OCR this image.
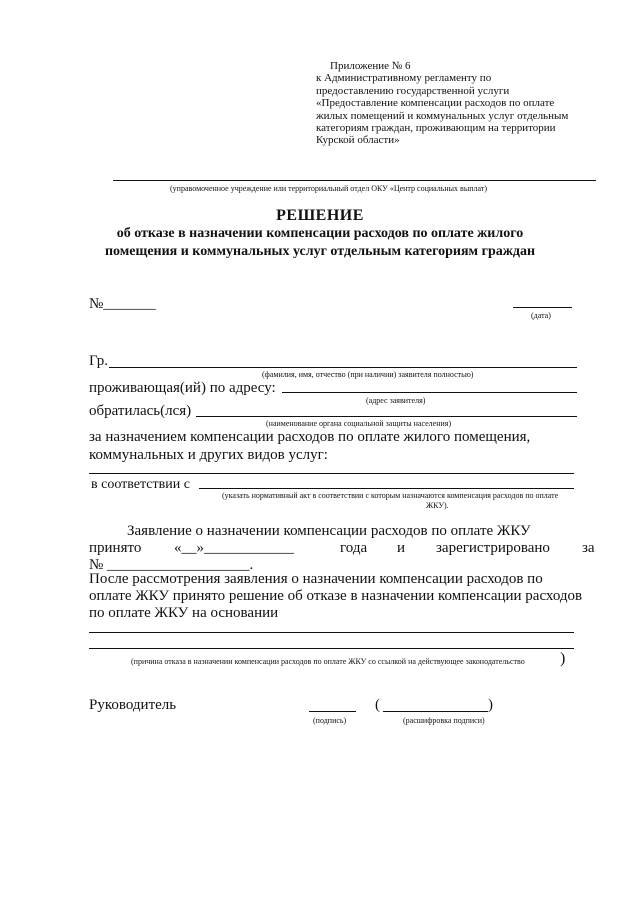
Приложение № 6
к Административному регламенту по
предоставлению государственной услуги
«Предоставление компенсации расходов по оплате
жилых помещений и коммунальных услуг отдельным
категориям граждан, проживающим на территории
Курской области»
(управомоченное учреждение или территориальный отдел ОКУ «Центр социальных выплат)
РЕШЕНИЕ
об отказе в назначении компенсации расходов по оплате жилого
помещения и коммунальных услуг отдельным категориям граждан
№_______
(дата)
Гр.
(фамилия, имя, отчество (при наличии) заявителя полностью)
проживающая(ий) по адресу:
(адрес заявителя)
обратилась(лся)
(наименование органа социальной защиты населения)
за назначением компенсации расходов по оплате жилого помещения,
коммунальных и других видов услуг:
в соответствии с
(указать нормативный акт в соответствии с которым назначаются компенсация расходов по оплате
ЖКУ).
Заявление о назначении компенсации расходов по оплате ЖКУ
принято «__»____________	года и зарегистрировано за
№ ___________________.
После рассмотрения заявления о назначении компенсации расходов по
оплате ЖКУ принято решение об отказе в назначении компенсации расходов
по оплате ЖКУ на основании
(причина отказа в назначении компенсации расходов по оплате ЖКУ со ссылкой на действующее законодательство )
Руководитель	(	)
(подпись)	(расшифровка подписи)
